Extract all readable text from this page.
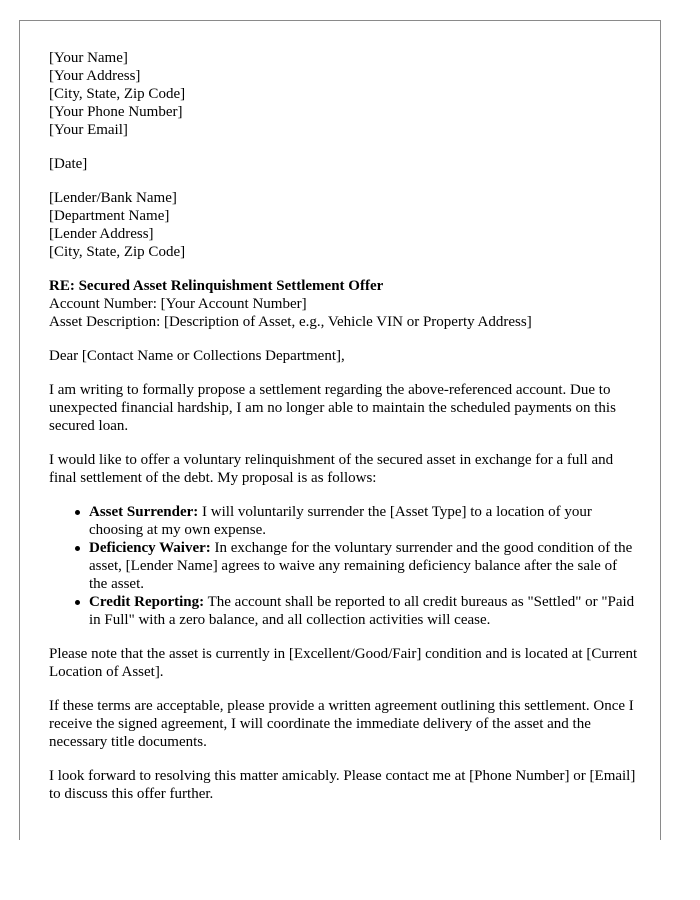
[Your Name]
[Your Address]
[City, State, Zip Code]
[Your Phone Number]
[Your Email]
[Date]
[Lender/Bank Name]
[Department Name]
[Lender Address]
[City, State, Zip Code]
RE: Secured Asset Relinquishment Settlement Offer
Account Number: [Your Account Number]
Asset Description: [Description of Asset, e.g., Vehicle VIN or Property Address]

Dear [Contact Name or Collections Department],

I am writing to formally propose a settlement regarding the above-referenced account. Due to unexpected financial hardship, I am no longer able to maintain the scheduled payments on this secured loan.

I would like to offer a voluntary relinquishment of the secured asset in exchange for a full and final settlement of the debt. My proposal is as follows:

Asset Surrender: I will voluntarily surrender the [Asset Type] to a location of your choosing at my own expense.
Deficiency Waiver: In exchange for the voluntary surrender and the good condition of the asset, [Lender Name] agrees to waive any remaining deficiency balance after the sale of the asset.
Credit Reporting: The account shall be reported to all credit bureaus as "Settled" or "Paid in Full" with a zero balance, and all collection activities will cease.

Please note that the asset is currently in [Excellent/Good/Fair] condition and is located at [Current Location of Asset].

If these terms are acceptable, please provide a written agreement outlining this settlement. Once I receive the signed agreement, I will coordinate the immediate delivery of the asset and the necessary title documents.

I look forward to resolving this matter amicably. Please contact me at [Phone Number] or [Email] to discuss this offer further.
